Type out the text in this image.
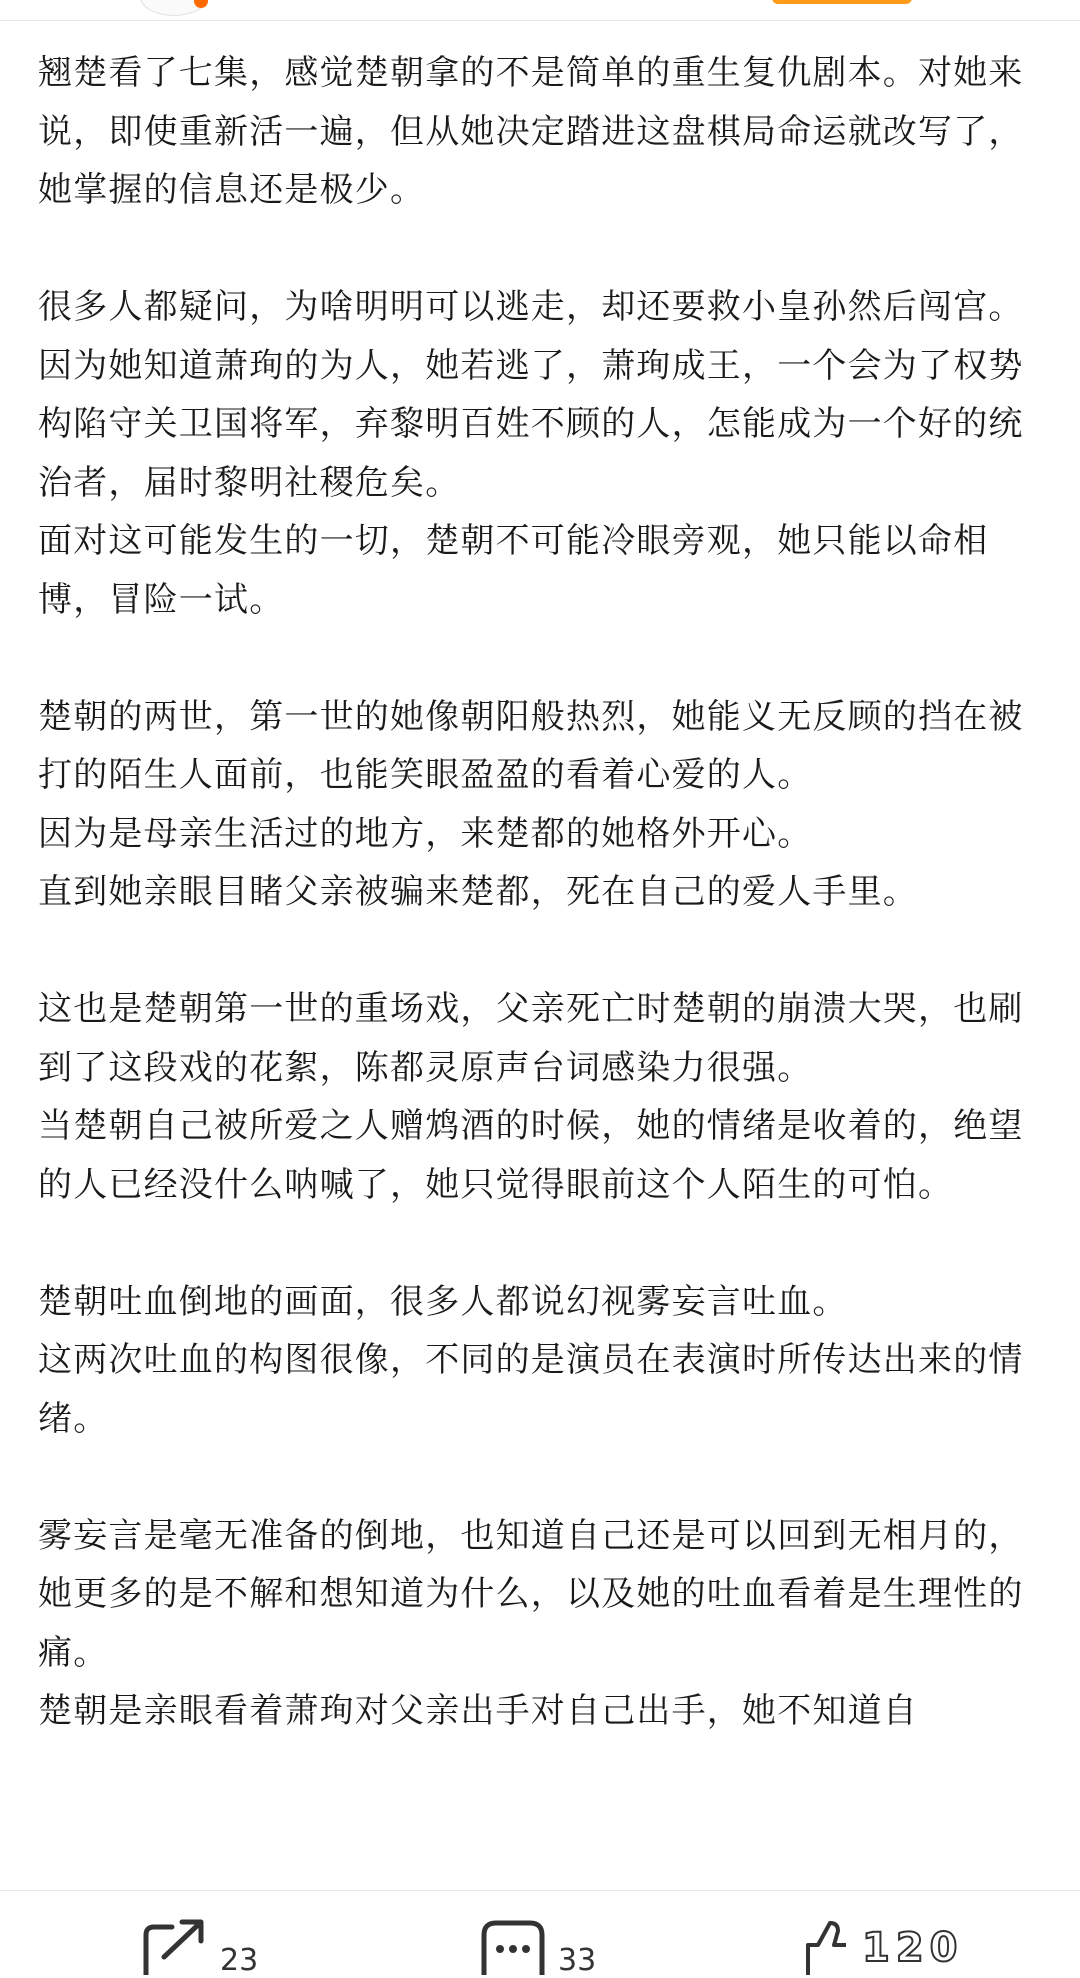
翘楚看了七集，感觉楚朝拿的不是简单的重生复仇剧本。对她来说，即使重新活一遍，但从她决定踏进这盘棋局命运就改写了，她掌握的信息还是极少。

很多人都疑问，为啥明明可以逃走，却还要救小皇孙然后闯宫。

因为她知道萧珣的为人，她若逃了，萧珣成王，一个会为了权势构陷守关卫国将军，弃黎明百姓不顾的人，怎能成为一个好的统治者，届时黎明社稷危矣。

面对这可能发生的一切，楚朝不可能冷眼旁观，她只能以命相博，冒险一试。

楚朝的两世，第一世的她像朝阳般热烈，她能义无反顾的挡在被打的陌生人面前，也能笑眼盈盈的看着心爱的人。

因为是母亲生活过的地方，来楚都的她格外开心。

直到她亲眼目睹父亲被骗来楚都，死在自己的爱人手里。

这也是楚朝第一世的重场戏，父亲死亡时楚朝的崩溃大哭，也刷到了这段戏的花絮，陈都灵原声台词感染力很强。

当楚朝自己被所爱之人赠鸩酒的时候，她的情绪是收着的，绝望的人已经没什么呐喊了，她只觉得眼前这个人陌生的可怕。

楚朝吐血倒地的画面，很多人都说幻视雾妄言吐血。

这两次吐血的构图很像，不同的是演员在表演时所传达出来的情绪。

雾妄言是毫无准备的倒地，也知道自己还是可以回到无相月的，她更多的是不解和想知道为什么，以及她的吐血看着是生理性的痛。

楚朝是亲眼看着萧珣对父亲出手对自己出手，她不知道自

23	33	120
